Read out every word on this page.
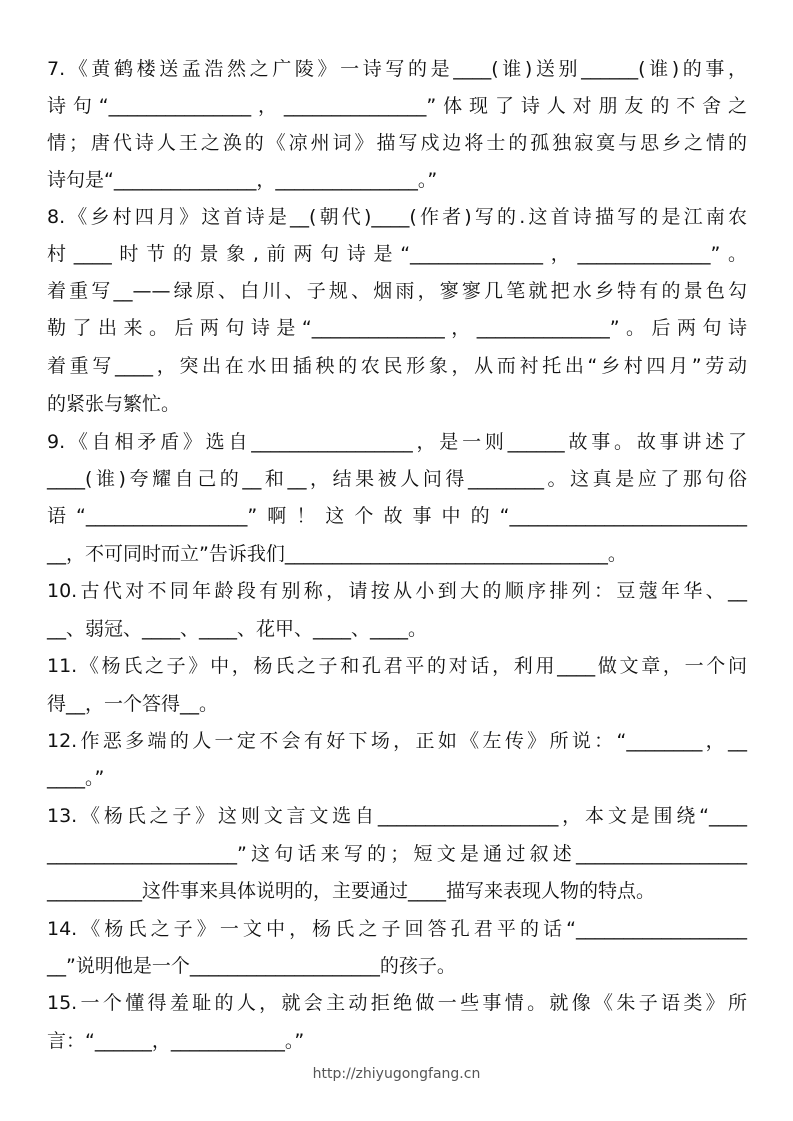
7.《黄鹤楼送孟浩然之广陵》一诗写的是____(谁)送别______(谁)的事，
诗句“_______________，_______________”体现了诗人对朋友的不舍之
情；唐代诗人王之涣的《凉州词》描写戍边将士的孤独寂寞与思乡之情的
诗句是“_______________，_______________。”
8.《乡村四月》这首诗是__(朝代)____(作者)写的.这首诗描写的是江南农
村____时节的景象,前两句诗是“______________，______________”。
着重写__——绿原、白川、子规、烟雨，寥寥几笔就把水乡特有的景色勾
勒了出来。后两句诗是“______________，______________”。后两句诗
着重写____，突出在水田插秧的农民形象，从而衬托出“乡村四月”劳动
的紧张与繁忙。
9.《自相矛盾》选自_________________，是一则______故事。故事讲述了
____(谁)夸耀自己的__和__，结果被人问得________。这真是应了那句俗
语“_________________”啊！这个故事中的“_________________________
__，不可同时而立”告诉我们__________________________________。
10.古代对不同年龄段有别称，请按从小到大的顺序排列：豆蔻年华、__
__、弱冠、____、____、花甲、____、____。
11.《杨氏之子》中，杨氏之子和孔君平的对话，利用____做文章，一个问
得__，一个答得__。
12.作恶多端的人一定不会有好下场，正如《左传》所说：“________，__
____。”
13.《杨氏之子》这则文言文选自___________________，本文是围绕“____
____________________”这句话来写的；短文是通过叙述__________________
__________这件事来具体说明的，主要通过____描写来表现人物的特点。
14.《杨氏之子》一文中，杨氏之子回答孔君平的话“__________________
__”说明他是一个____________________的孩子。
15.一个懂得羞耻的人，就会主动拒绝做一些事情。就像《朱子语类》所
言：“______，____________。”
http://zhiyugongfang.cn
